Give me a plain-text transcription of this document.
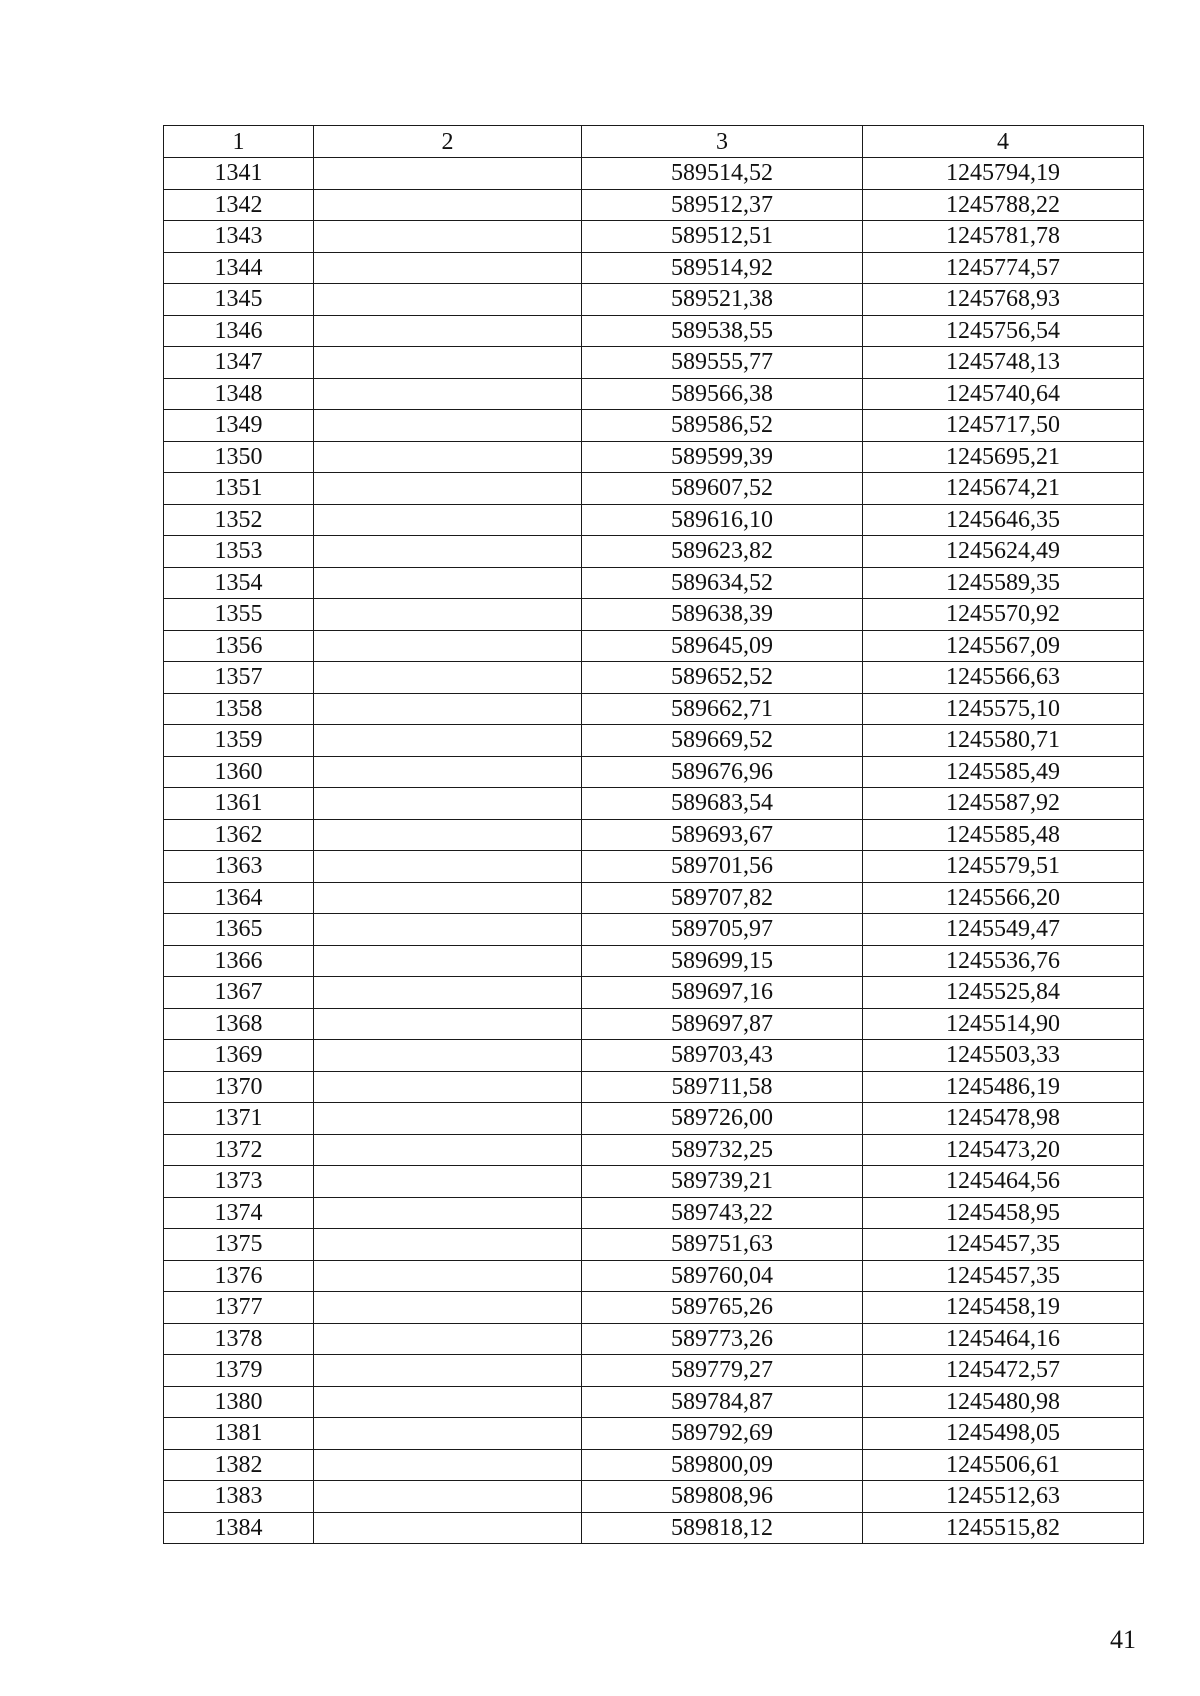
1	2	3	4
1341		589514,52	1245794,19
1342		589512,37	1245788,22
1343		589512,51	1245781,78
1344		589514,92	1245774,57
1345		589521,38	1245768,93
1346		589538,55	1245756,54
1347		589555,77	1245748,13
1348		589566,38	1245740,64
1349		589586,52	1245717,50
1350		589599,39	1245695,21
1351		589607,52	1245674,21
1352		589616,10	1245646,35
1353		589623,82	1245624,49
1354		589634,52	1245589,35
1355		589638,39	1245570,92
1356		589645,09	1245567,09
1357		589652,52	1245566,63
1358		589662,71	1245575,10
1359		589669,52	1245580,71
1360		589676,96	1245585,49
1361		589683,54	1245587,92
1362		589693,67	1245585,48
1363		589701,56	1245579,51
1364		589707,82	1245566,20
1365		589705,97	1245549,47
1366		589699,15	1245536,76
1367		589697,16	1245525,84
1368		589697,87	1245514,90
1369		589703,43	1245503,33
1370		589711,58	1245486,19
1371		589726,00	1245478,98
1372		589732,25	1245473,20
1373		589739,21	1245464,56
1374		589743,22	1245458,95
1375		589751,63	1245457,35
1376		589760,04	1245457,35
1377		589765,26	1245458,19
1378		589773,26	1245464,16
1379		589779,27	1245472,57
1380		589784,87	1245480,98
1381		589792,69	1245498,05
1382		589800,09	1245506,61
1383		589808,96	1245512,63
1384		589818,12	1245515,82
41
